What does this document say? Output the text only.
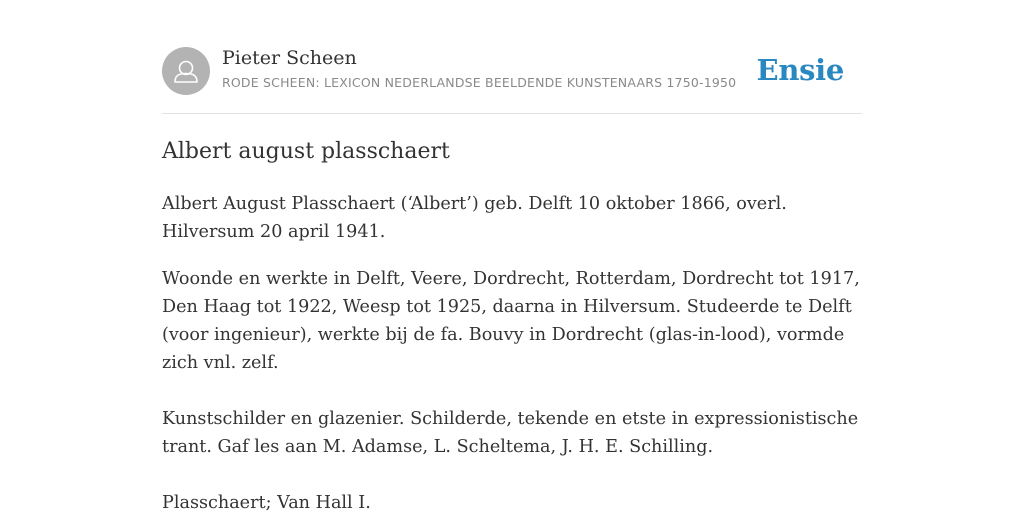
Pieter Scheen
RODE SCHEEN: LEXICON NEDERLANDSE BEELDENDE KUNSTENAARS 1750-1950 Ensie
Albert august plasschaert

Albert August Plasschaert (‘Albert’) geb. Delft 10 oktober 1866, overl. Hilversum 20 april 1941.

Woonde en werkte in Delft, Veere, Dordrecht, Rotterdam, Dordrecht tot 1917, Den Haag tot 1922, Weesp tot 1925, daarna in Hilversum. Studeerde te Delft (voor ingenieur), werkte bij de fa. Bouvy in Dordrecht (glas-in-lood), vormde zich vnl. zelf.

Kunstschilder en glazenier. Schilderde, tekende en etste in expressionistische trant. Gaf les aan M. Adamse, L. Scheltema, J. H. E. Schilling.

Plasschaert; Van Hall I.
